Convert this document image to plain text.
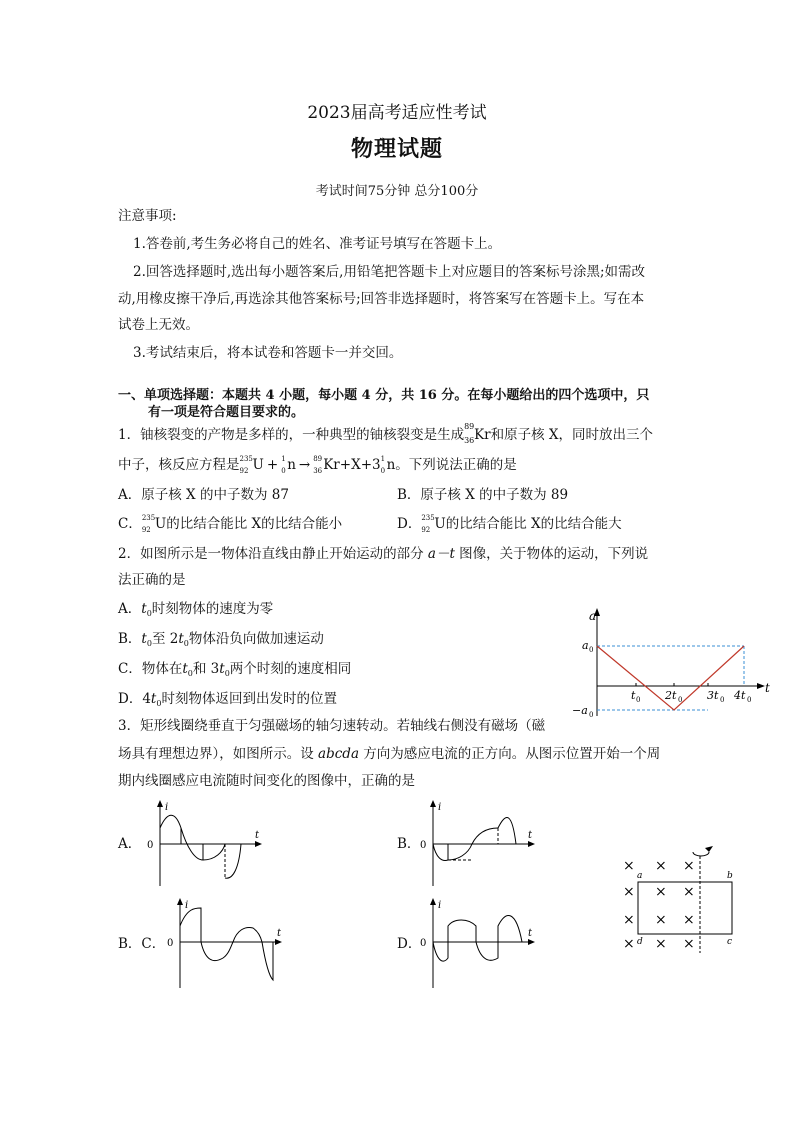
2023届高考适应性考试
物理试题
考试时间75分钟 总分100分
注意事项:
1.答卷前,考生务必将自己的姓名、准考证号填写在答题卡上。
2.回答选择题时,选出每小题答案后,用铅笔把答题卡上对应题目的答案标号涂黑;如需改
动,用橡皮擦干净后,再选涂其他答案标号;回答非选择题时，将答案写在答题卡上。写在本
试卷上无效。
3.考试结束后，将本试卷和答题卡一并交回。
一、单项选择题：本题共 4 小题，每小题 4 分，共 16 分。在每小题给出的四个选项中，只
有一项是符合题目要求的。
1．铀核裂变的产物是多样的，一种典型的铀核裂变是生成
89
36 Kr和原子核 X，同时放出三个
中子，核反应方程是 235
92 U + 1
0 n → 89
36 Kr+X+3 1
0 n。下列说法正确的是
A．原子核 X 的中子数为 87	B．原子核 X 的中子数为 89
C． 235
92 U的比结合能比 X的比结合能小	D． 235
92 U的比结合能比 X的比结合能大
2．如图所示是一物体沿直线由静止开始运动的部分 a－t 图像，关于物体的运动，下列说
法正确的是
A．$t_0$时刻物体的速度为零
B．$t_0$至 $2t_0$物体沿负向做加速运动
C．物体在$t_0$和 $3t_0$两个时刻的速度相同
D．$4t_0$时刻物体返回到出发时的位置
a
t
a 0
−a 0
t 0 2t 0 3t 0 4t 0
3．矩形线圈绕垂直于匀强磁场的轴匀速转动。若轴线右侧没有磁场（磁
场具有理想边界），如图所示。设 abcda 方向为感应电流的正方向。从图示位置开始一个周
期内线圈感应电流随时间变化的图像中，正确的是
A．
i
t
0	B．
i
t
0
B．C．
i
t
0	D．
i
t
0
× × ×
× × ×
× × ×
× × ×
a	b
c
d
